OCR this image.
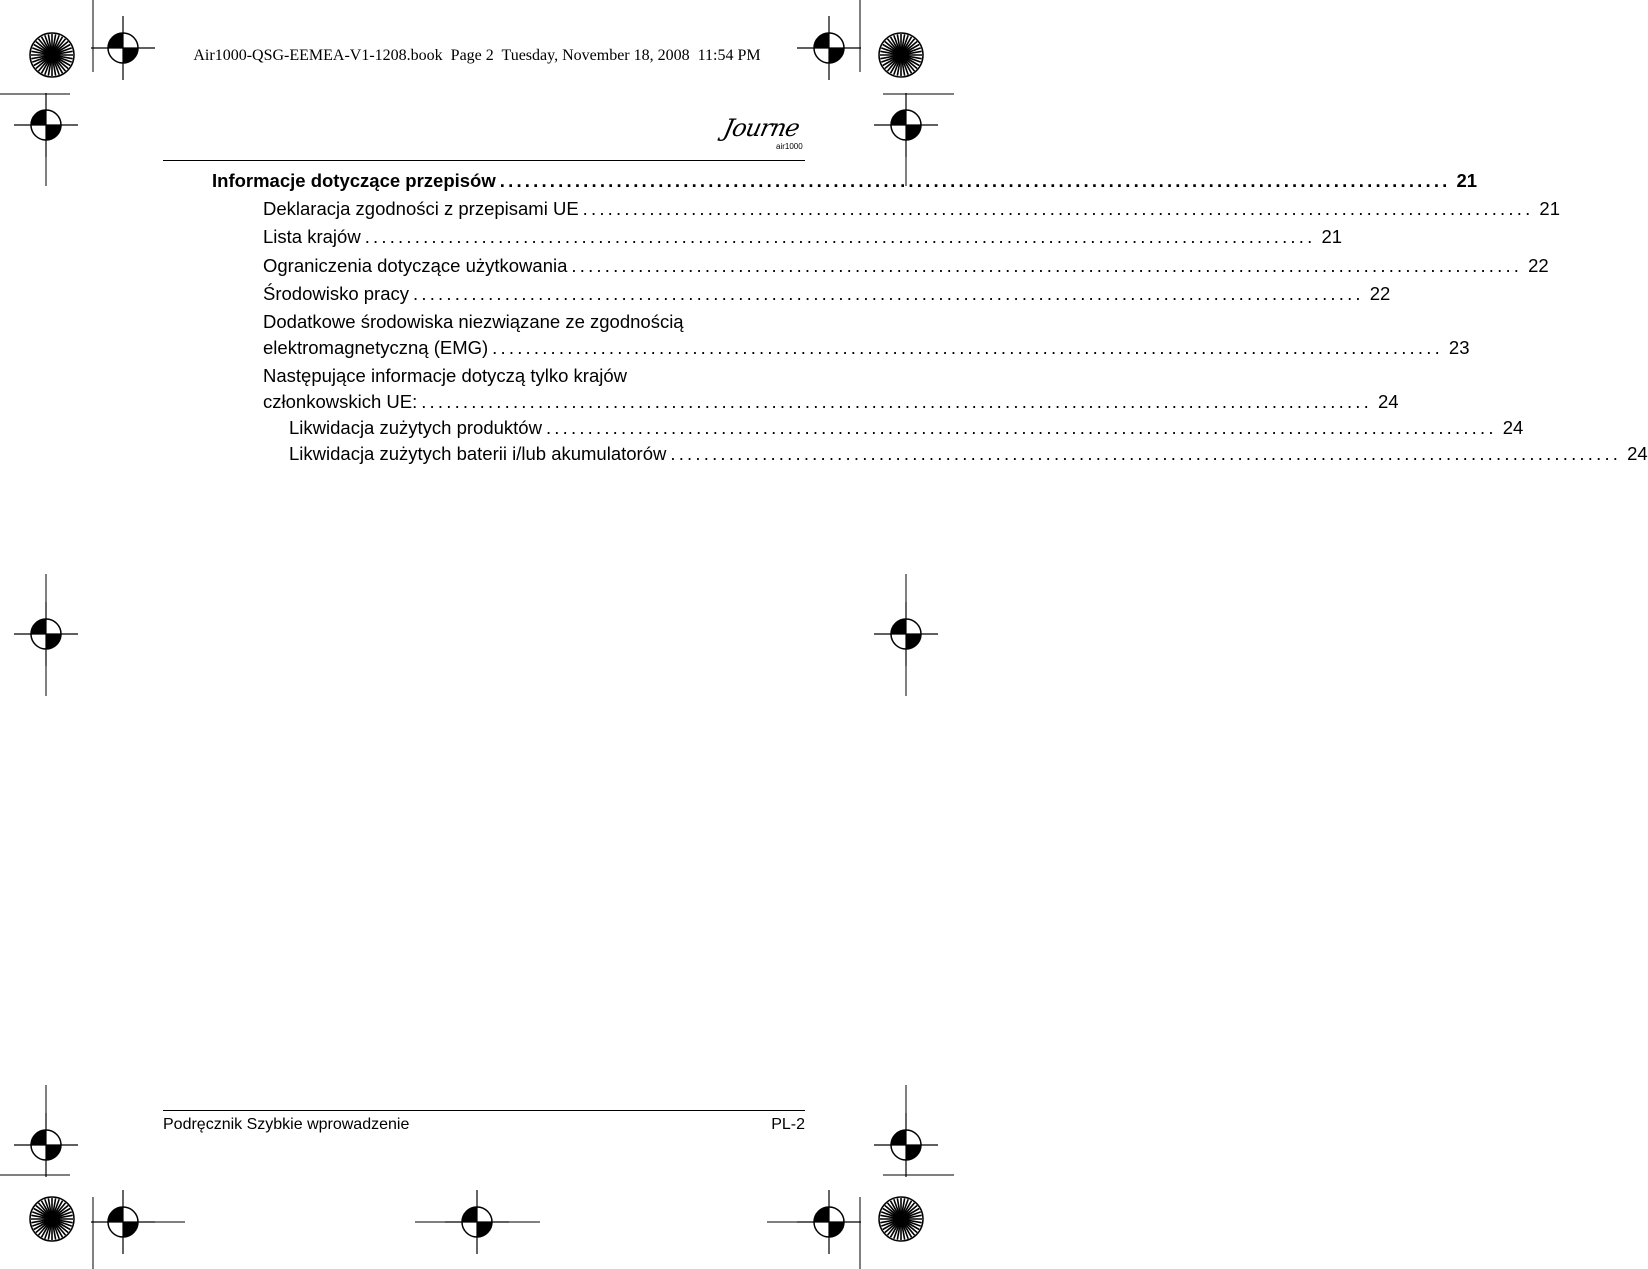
Air1000-QSG-EEMEA-V1-1208.book  Page 2  Tuesday, November 18, 2008  11:54 PM
Journe
air1000
Informacje dotyczące przepisów .................................................................................................................. 21
Deklaracja zgodności z przepisami UE .................................................................................................................. 21
Lista krajów .................................................................................................................. 21
Ograniczenia dotyczące użytkowania .................................................................................................................. 22
Środowisko pracy .................................................................................................................. 22
Dodatkowe środowiska niezwiązane ze zgodnością
elektromagnetyczną (EMG) .................................................................................................................. 23
Następujące informacje dotyczą tylko krajów
członkowskich UE: .................................................................................................................. 24
Likwidacja zużytych produktów .................................................................................................................. 24
Likwidacja zużytych baterii i/lub akumulatorów .................................................................................................................. 24
Podręcznik Szybkie wprowadzenie	PL-2
